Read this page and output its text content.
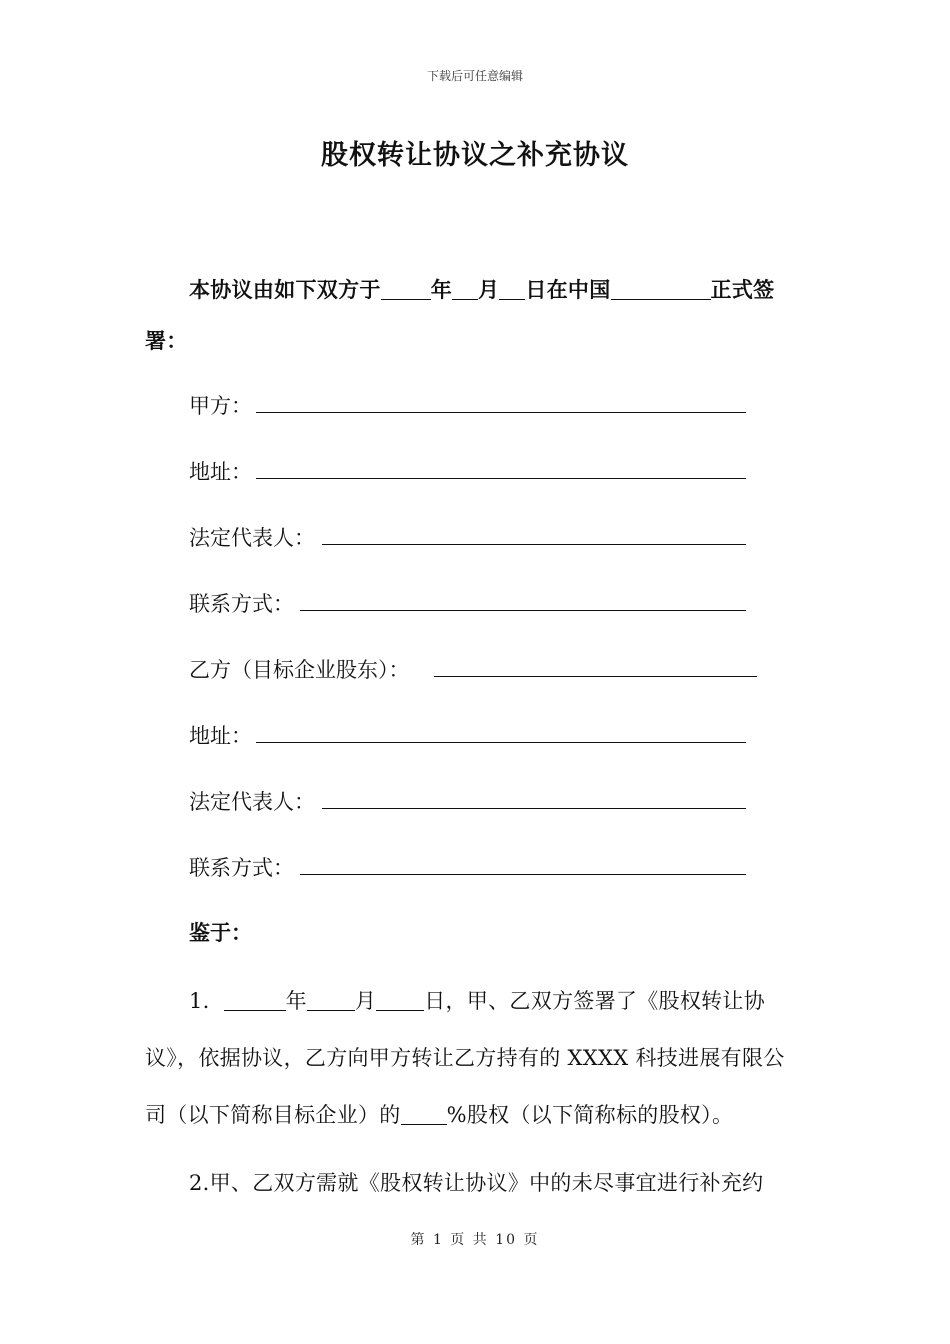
下载后可任意编辑
股权转让协议之补充协议
本协议由如下双方于 年 月 日在中国	正式签
署：
甲方：
地址：
法定代表人：
联系方式：
乙方（目标企业股东）：
地址：
法定代表人：
联系方式：
鉴于：
1.	年 月 日，甲、乙双方签署了《股权转让协
议》，依据协议，乙方向甲方转让乙方持有的 XXXX 科技进展有限公
司（以下简称目标企业）的 %股权（以下简称标的股权）。
2.甲、乙双方需就《股权转让协议》中的未尽事宜进行补充约
第 1 页 共 10 页
